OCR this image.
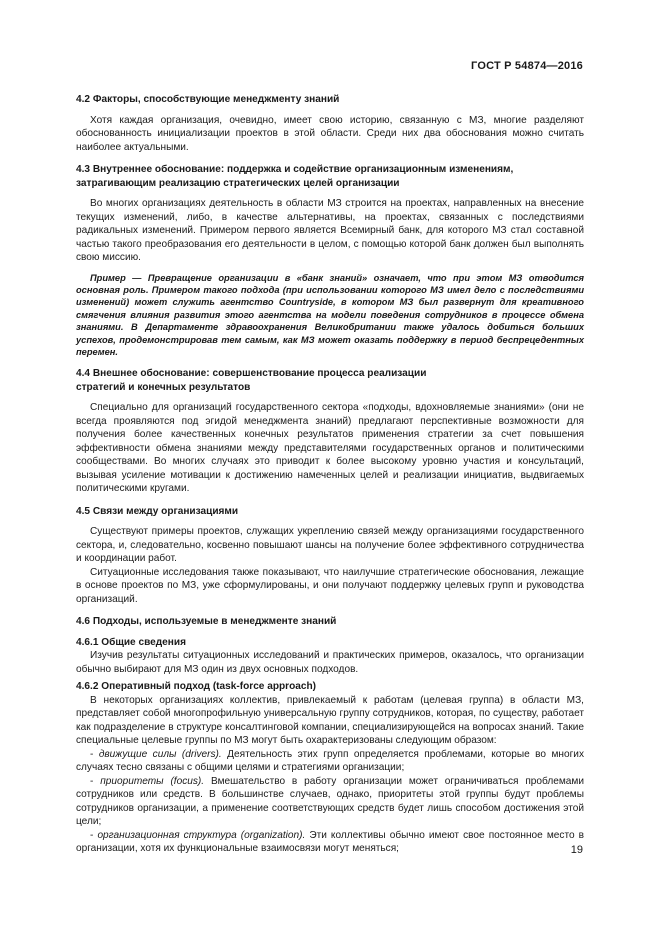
ГОСТ Р 54874—2016
4.2 Факторы, способствующие менеджменту знаний

Хотя каждая организация, очевидно, имеет свою историю, связанную с МЗ, многие разделяют обоснованность инициализации проектов в этой области. Среди них два обоснования можно считать наиболее актуальными.

4.3 Внутреннее обоснование: поддержка и содействие организационным изменениям, затрагивающим реализацию стратегических целей организации

Во многих организациях деятельность в области МЗ строится на проектах, направленных на внесение текущих изменений, либо, в качестве альтернативы, на проектах, связанных с последствиями радикальных изменений. Примером первого является Всемирный банк, для которого МЗ стал составной частью такого преобразования его деятельности в целом, с помощью которой банк должен был выполнять свою миссию.

Пример — Превращение организации в «банк знаний» означает, что при этом МЗ отводится основная роль. Примером такого подхода (при использовании которого МЗ имел дело с последствиями изменений) может служить агентство Countryside, в котором МЗ был развернут для креативного смягчения влияния развития этого агентства на модели поведения сотрудников в процессе обмена знаниями. В Департаменте здравоохранения Великобритании также удалось добиться больших успехов, продемонстрировав тем самым, как МЗ может оказать поддержку в период беспрецедентных перемен.

4.4 Внешнее обоснование: совершенствование процесса реализации стратегий и конечных результатов

Специально для организаций государственного сектора «подходы, вдохновляемые знаниями» (они не всегда проявляются под эгидой менеджмента знаний) предлагают перспективные возможности для получения более качественных конечных результатов применения стратегии за счет повышения эффективности обмена знаниями между представителями государственных органов и политическими сообществами. Во многих случаях это приводит к более высокому уровню участия и консультаций, вызывая усиление мотивации к достижению намеченных целей и реализации инициатив, выдвигаемых политическими кругами.

4.5 Связи между организациями

Существуют примеры проектов, служащих укреплению связей между организациями государственного сектора, и, следовательно, косвенно повышают шансы на получение более эффективного сотрудничества и координации работ.

Ситуационные исследования также показывают, что наилучшие стратегические обоснования, лежащие в основе проектов по МЗ, уже сформулированы, и они получают поддержку целевых групп и руководства организаций.

4.6 Подходы, используемые в менеджменте знаний
4.6.1 Общие сведения

Изучив результаты ситуационных исследований и практических примеров, оказалось, что организации обычно выбирают для МЗ один из двух основных подходов.

4.6.2 Оперативный подход (task-force approach)

В некоторых организациях коллектив, привлекаемый к работам (целевая группа) в области МЗ, представляет собой многопрофильную универсальную группу сотрудников, которая, по существу, работает как подразделение в структуре консалтинговой компании, специализирующейся на вопросах знаний. Такие специальные целевые группы по МЗ могут быть охарактеризованы следующим образом:

- движущие силы (drivers). Деятельность этих групп определяется проблемами, которые во многих случаях тесно связаны с общими целями и стратегиями организации;

- приоритеты (focus). Вмешательство в работу организации может ограничиваться проблемами сотрудников или средств. В большинстве случаев, однако, приоритеты этой группы будут проблемы сотрудников организации, а применение соответствующих средств будет лишь способом достижения этой цели;

- организационная структура (organization). Эти коллективы обычно имеют свое постоянное место в организации, хотя их функциональные взаимосвязи могут меняться;	19
